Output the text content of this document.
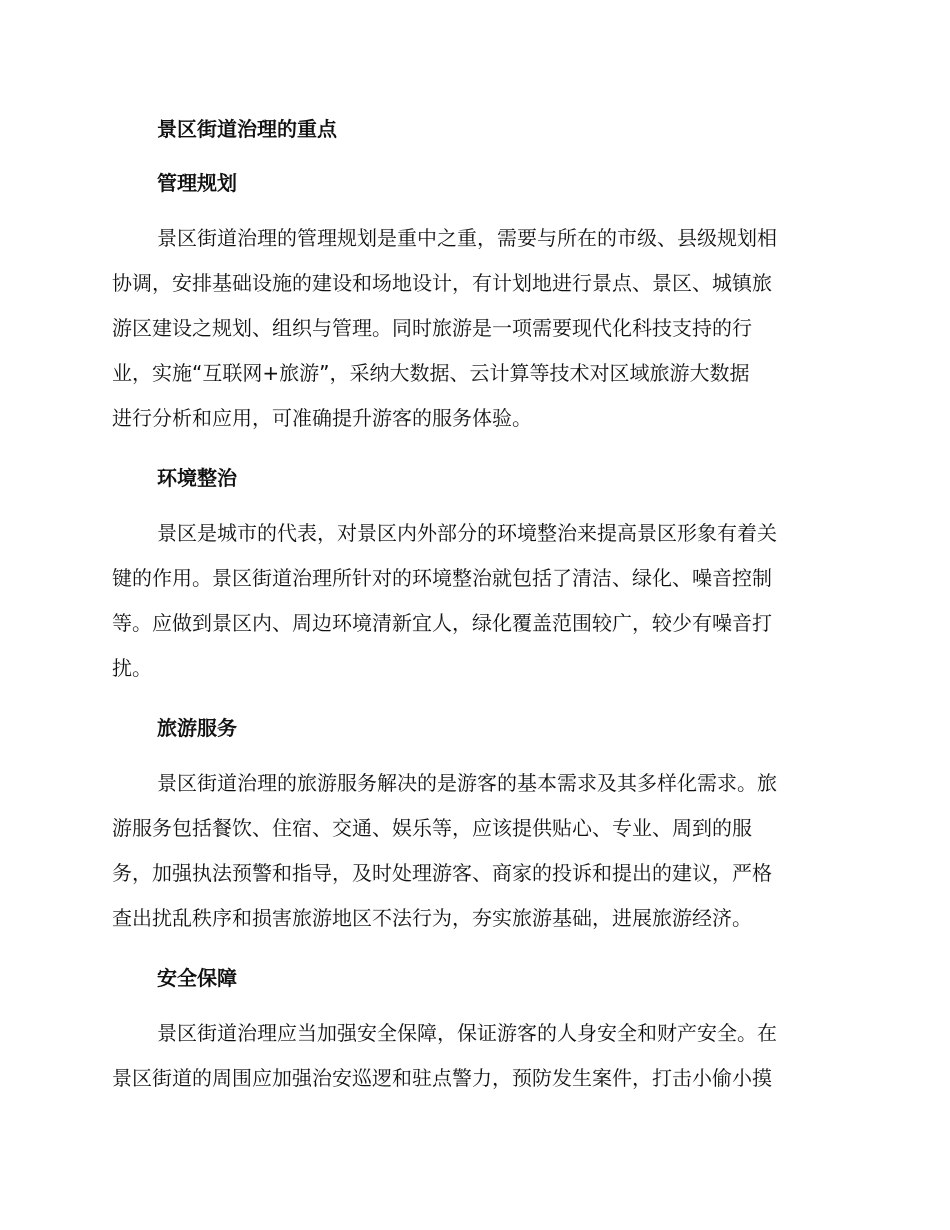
景区街道治理的重点
管理规划
景区街道治理的管理规划是重中之重，需要与所在的市级、县级规划相
协调，安排基础设施的建设和场地设计，有计划地进行景点、景区、城镇旅
游区建设之规划、组织与管理。同时旅游是一项需要现代化科技支持的行
业，实施“互联网+旅游”，采纳大数据、云计算等技术对区域旅游大数据
进行分析和应用，可准确提升游客的服务体验。
环境整治
景区是城市的代表，对景区内外部分的环境整治来提高景区形象有着关
键的作用。景区街道治理所针对的环境整治就包括了清洁、绿化、噪音控制
等。应做到景区内、周边环境清新宜人，绿化覆盖范围较广，较少有噪音打
扰。
旅游服务
景区街道治理的旅游服务解决的是游客的基本需求及其多样化需求。旅
游服务包括餐饮、住宿、交通、娱乐等，应该提供贴心、专业、周到的服
务，加强执法预警和指导，及时处理游客、商家的投诉和提出的建议，严格
查出扰乱秩序和损害旅游地区不法行为，夯实旅游基础，进展旅游经济。
安全保障
景区街道治理应当加强安全保障，保证游客的人身安全和财产安全。在
景区街道的周围应加强治安巡逻和驻点警力，预防发生案件，打击小偷小摸
